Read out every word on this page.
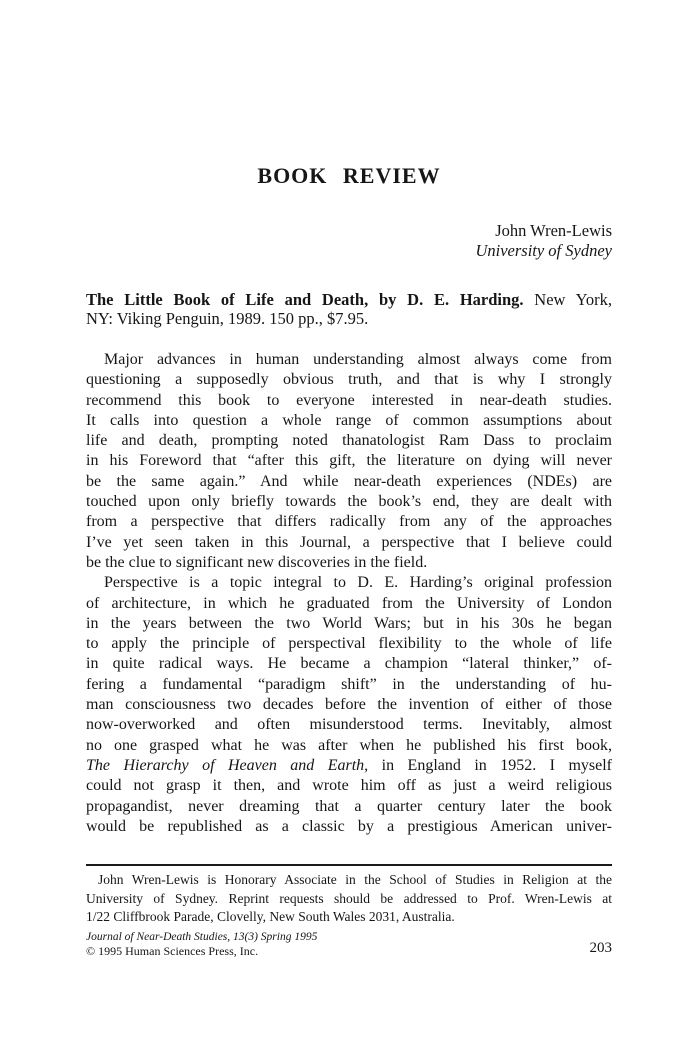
BOOK REVIEW
John Wren-Lewis
University of Sydney
The Little Book of Life and Death, by D. E. Harding. New York,
NY: Viking Penguin, 1989. 150 pp., $7.95.
Major advances in human understanding almost always come from
questioning a supposedly obvious truth, and that is why I strongly
recommend this book to everyone interested in near-death studies.
It calls into question a whole range of common assumptions about
life and death, prompting noted thanatologist Ram Dass to proclaim
in his Foreword that “after this gift, the literature on dying will never
be the same again.” And while near-death experiences (NDEs) are
touched upon only briefly towards the book’s end, they are dealt with
from a perspective that differs radically from any of the approaches
I’ve yet seen taken in this Journal, a perspective that I believe could
be the clue to significant new discoveries in the field.
Perspective is a topic integral to D. E. Harding’s original profession
of architecture, in which he graduated from the University of London
in the years between the two World Wars; but in his 30s he began
to apply the principle of perspectival flexibility to the whole of life
in quite radical ways. He became a champion “lateral thinker,” of-
fering a fundamental “paradigm shift” in the understanding of hu-
man consciousness two decades before the invention of either of those
now-overworked and often misunderstood terms. Inevitably, almost
no one grasped what he was after when he published his first book,
The Hierarchy of Heaven and Earth, in England in 1952. I myself
could not grasp it then, and wrote him off as just a weird religious
propagandist, never dreaming that a quarter century later the book
would be republished as a classic by a prestigious American univer-
John Wren-Lewis is Honorary Associate in the School of Studies in Religion at the
University of Sydney. Reprint requests should be addressed to Prof. Wren-Lewis at
1/22 Cliffbrook Parade, Clovelly, New South Wales 2031, Australia.
Journal of Near-Death Studies, 13(3) Spring 1995
© 1995 Human Sciences Press, Inc.	203
